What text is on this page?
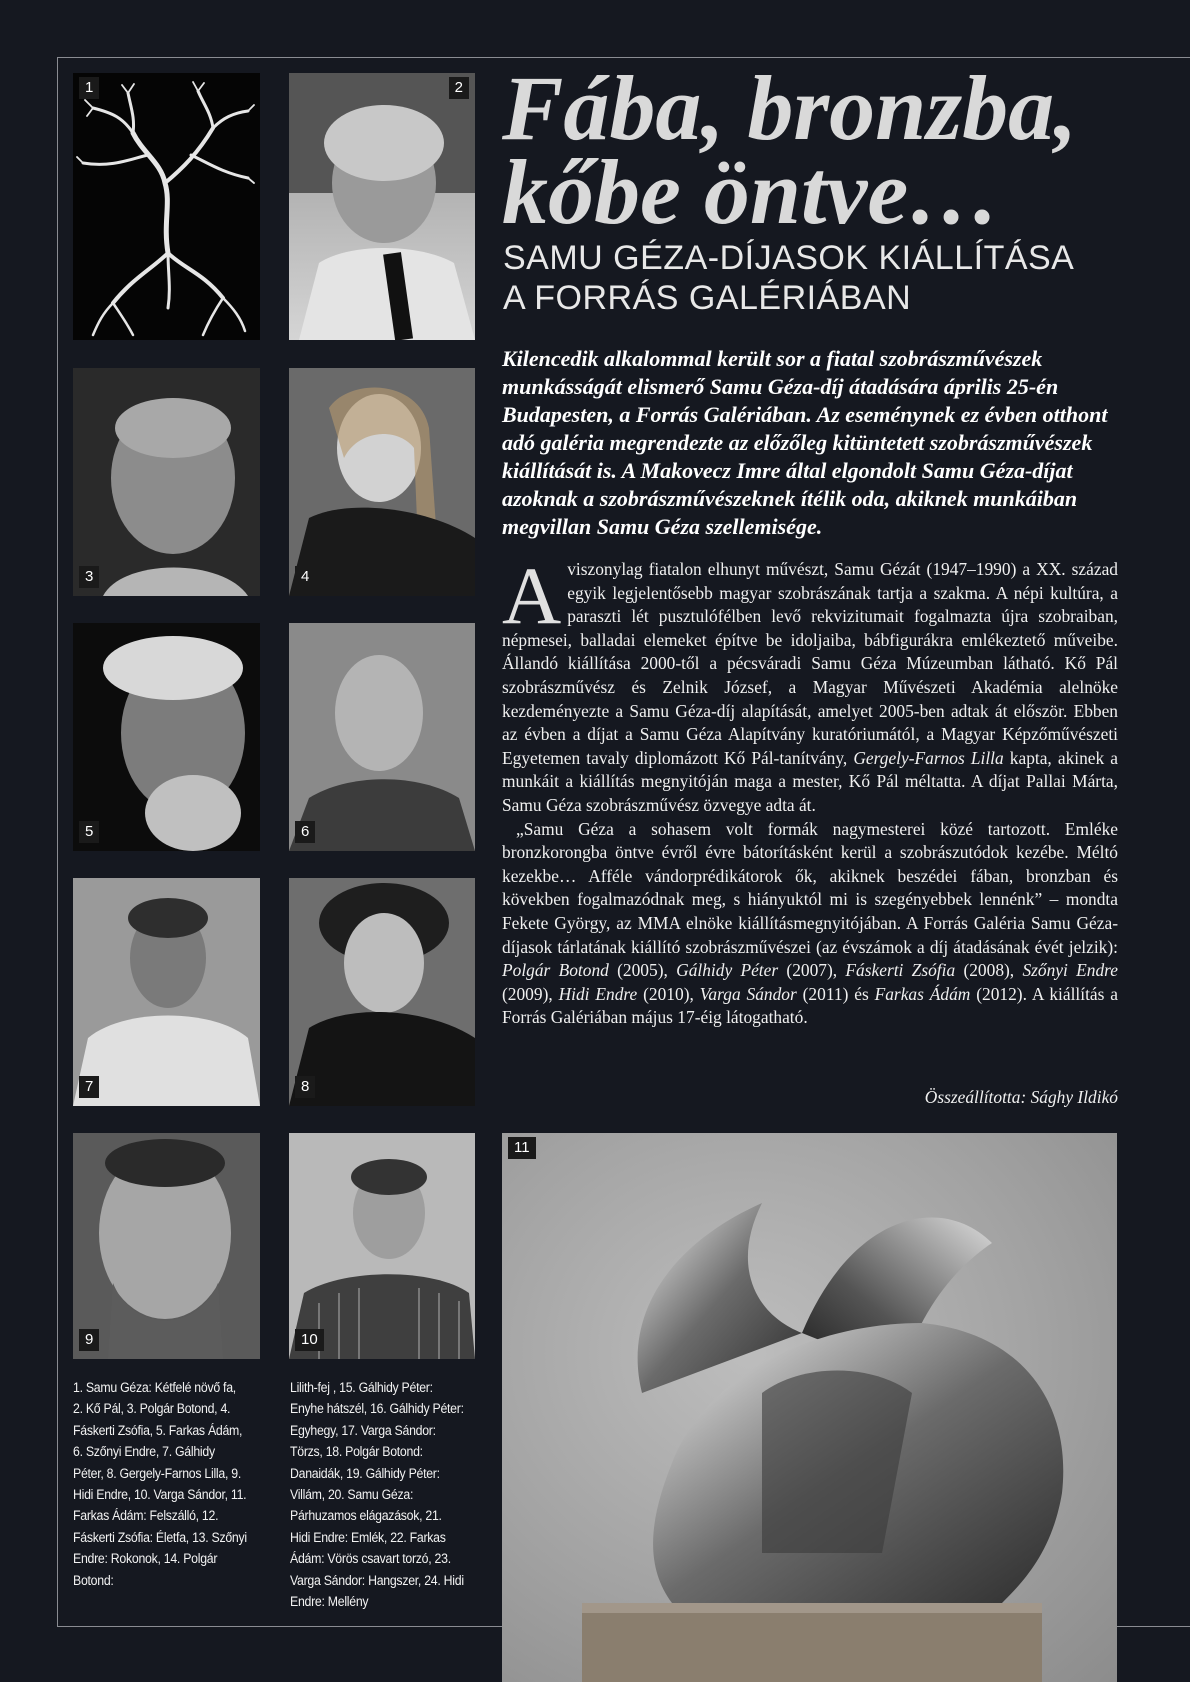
1	2
3	4
5	6
7	8
9	10
Fába, bronzba,
kőbe öntve…
SAMU GÉZA-DÍJASOK KIÁLLÍTÁSA
A FORRÁS GALÉRIÁBAN
Kilencedik alkalommal került sor a fiatal szobrászművészek munkásságát elismerő Samu Géza-díj átadására április 25-én Budapesten, a Forrás Galériában. Az eseménynek ez évben otthont adó galéria megrendezte az előzőleg kitüntetett szobrászművészek kiállítását is. A Makovecz Imre által elgondolt Samu Géza-díjat azoknak a szobrászművészeknek ítélik oda, akiknek munkáiban megvillan Samu Géza szellemisége.

A viszonylag fiatalon elhunyt művészt, Samu Gézát (1947–1990) a XX. század egyik legjelentősebb magyar szobrászának tartja a szakma. A népi kultúra, a paraszti lét pusztulófélben levő rekvizitumait fogalmazta újra szobraiban, népmesei, balladai elemeket építve be idoljaiba, bábfigurákra emlékeztető műveibe. Állandó kiállítása 2000-től a pécsváradi Samu Géza Múzeumban látható. Kő Pál szobrászművész és Zelnik József, a Magyar Művészeti Akadémia alelnöke kezdeményezte a Samu Géza-díj alapítását, amelyet 2005-ben adtak át először. Ebben az évben a díjat a Samu Géza Alapítvány kuratóriumától, a Magyar Képzőművészeti Egyetemen tavaly diplomázott Kő Pál-tanítvány, Gergely-Farnos Lilla kapta, akinek a munkáit a kiállítás megnyitóján maga a mester, Kő Pál méltatta. A díjat Pallai Márta, Samu Géza szobrászművész özvegye adta át.

„Samu Géza a sohasem volt formák nagymesterei közé tartozott. Emléke bronzkorongba öntve évről évre bátorításként kerül a szobrászutódok kezébe. Méltó kezekbe… Afféle vándorprédikátorok ők, akiknek beszédei fában, bronzban és kövekben fogalmazódnak meg, s hiányuktól mi is szegényebbek lennénk” – mondta Fekete György, az MMA elnöke kiállításmegnyitójában. A Forrás Galéria Samu Géza-díjasok tárlatának kiállító szobrászművészei (az évszámok a díj átadásának évét jelzik): Polgár Botond (2005), Gálhidy Péter (2007), Fáskerti Zsófia (2008), Szőnyi Endre (2009), Hidi Endre (2010), Varga Sándor (2011) és Farkas Ádám (2012). A kiállítás a Forrás Galériában május 17-éig látogatható.

Összeállította: Sághy Ildikó
1. Samu Géza: Kétfelé növő fa, 2. Kő Pál, 3. Polgár Botond, 4. Fáskerti Zsófia, 5. Farkas Ádám, 6. Szőnyi Endre, 7. Gálhidy Péter, 8. Gergely-Farnos Lilla, 9. Hidi Endre, 10. Varga Sándor, 11. Farkas Ádám: Felszálló, 12. Fáskerti Zsófia: Életfa, 13. Szőnyi Endre: Rokonok, 14. Polgár Botond:
Lilith-fej , 15. Gálhidy Péter: Enyhe hátszél, 16. Gálhidy Péter: Egyhegy, 17. Varga Sándor: Törzs, 18. Polgár Botond: Danaidák, 19. Gálhidy Péter: Villám, 20. Samu Géza: Párhuzamos elágazások, 21. Hidi Endre: Emlék, 22. Farkas Ádám: Vörös csavart torzó, 23. Varga Sándor: Hangszer, 24. Hidi Endre: Mellény
11
